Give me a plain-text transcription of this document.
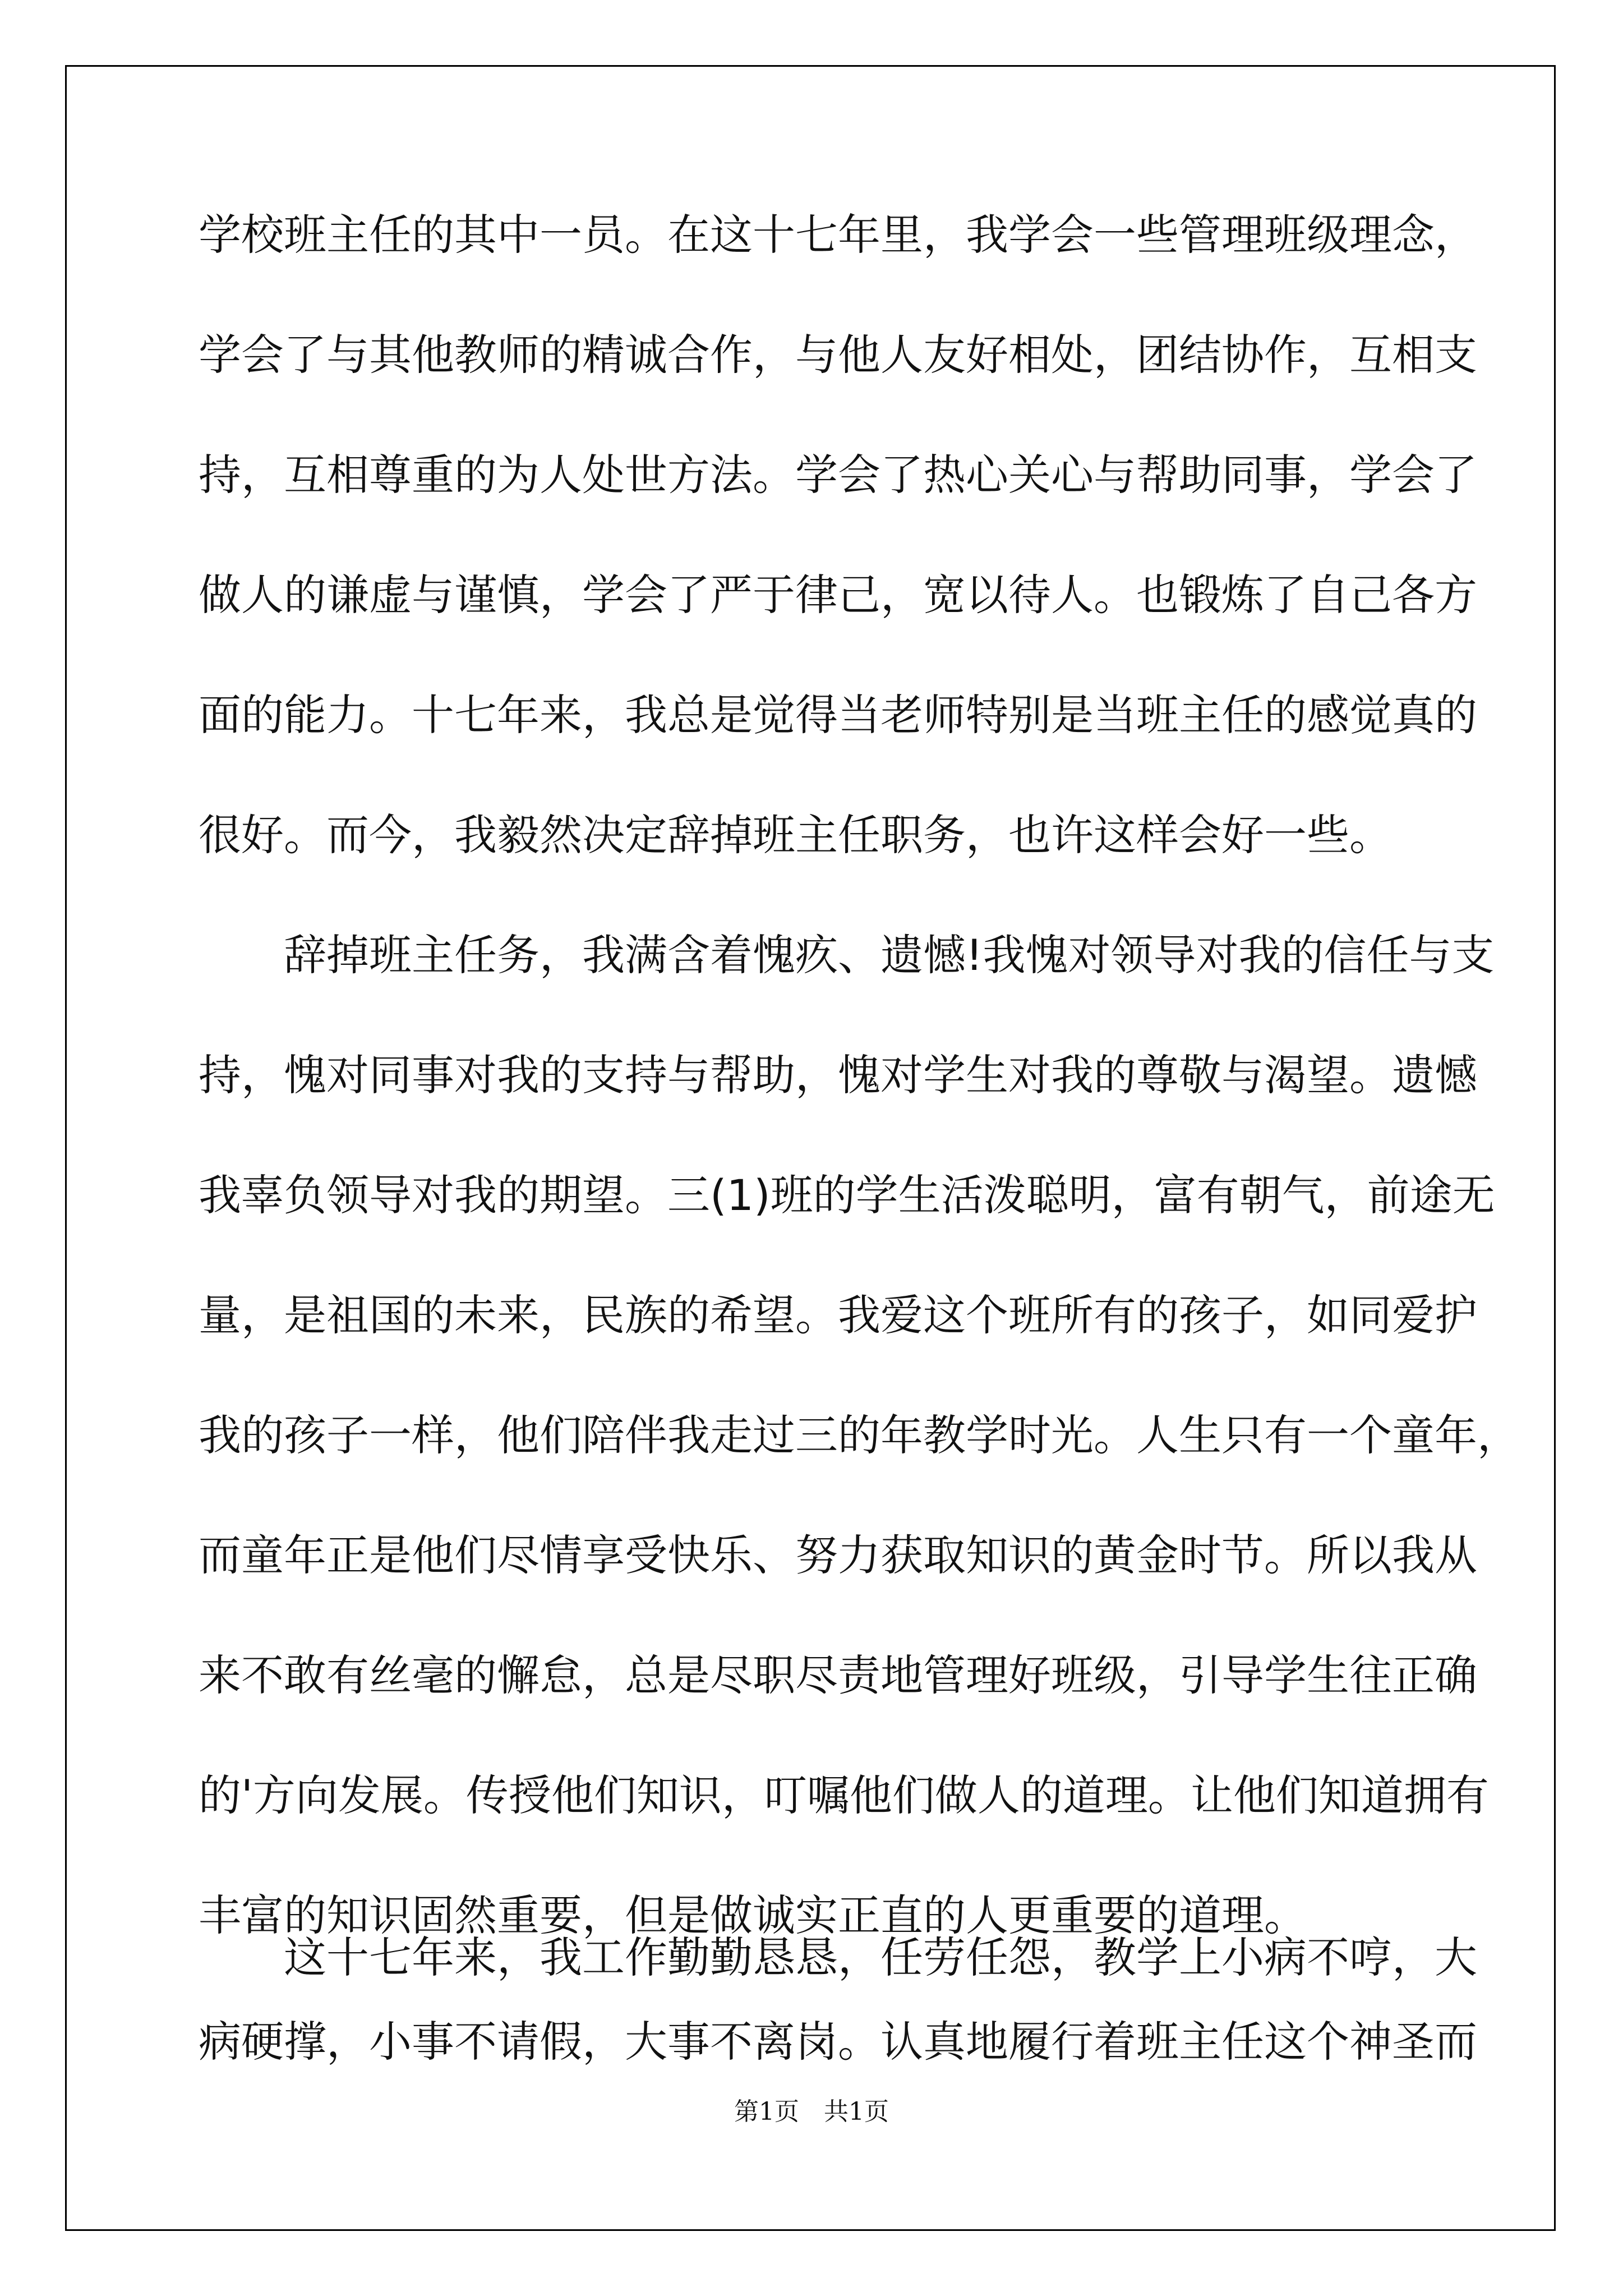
学校班主任的其中一员。在这十七年里，我学会一些管理班级理念，
学会了与其他教师的精诚合作，与他人友好相处，团结协作，互相支
持，互相尊重的为人处世方法。学会了热心关心与帮助同事，学会了
做人的谦虚与谨慎，学会了严于律己，宽以待人。也锻炼了自己各方
面的能力。十七年来，我总是觉得当老师特别是当班主任的感觉真的
很好。而今，我毅然决定辞掉班主任职务，也许这样会好一些。
辞掉班主任务，我满含着愧疚、遗憾!我愧对领导对我的信任与支
持，愧对同事对我的支持与帮助，愧对学生对我的尊敬与渴望。遗憾
我辜负领导对我的期望。三(1)班的学生活泼聪明，富有朝气，前途无
量，是祖国的未来，民族的希望。我爱这个班所有的孩子，如同爱护
我的孩子一样，他们陪伴我走过三的年教学时光。人生只有一个童年，
而童年正是他们尽情享受快乐、努力获取知识的黄金时节。所以我从
来不敢有丝毫的懈怠，总是尽职尽责地管理好班级，引导学生往正确
的'方向发展。传授他们知识，叮嘱他们做人的道理。让他们知道拥有
丰富的知识固然重要，但是做诚实正直的人更重要的道理。
这十七年来，我工作勤勤恳恳，任劳任怨，教学上小病不哼，大
第1页 共1页
病硬撑，小事不请假，大事不离岗。认真地履行着班主任这个神圣而
